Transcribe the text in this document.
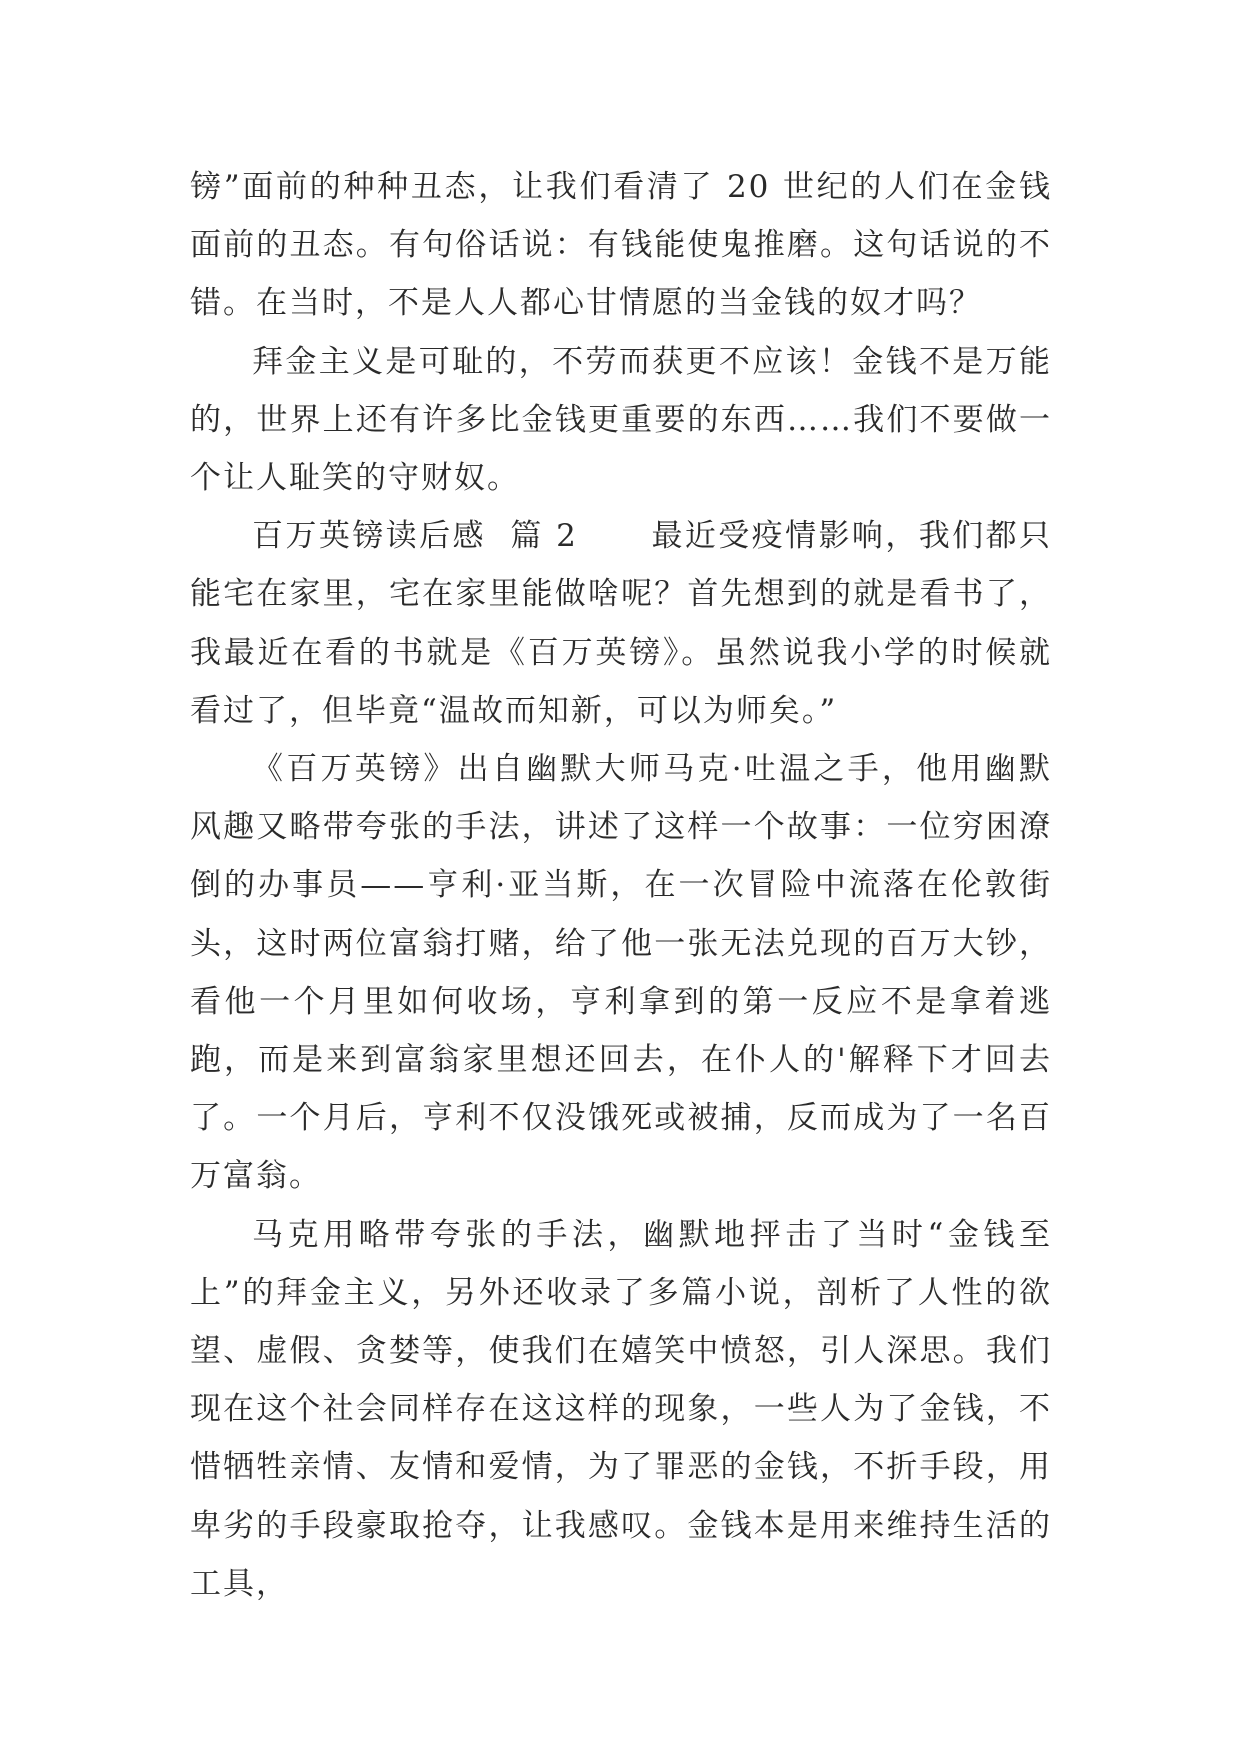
镑”面前的种种丑态，让我们看清了 20 世纪的人们在金钱面前的丑态。有句俗话说：有钱能使鬼推磨。这句话说的不错。在当时，不是人人都心甘情愿的当金钱的奴才吗？

拜金主义是可耻的，不劳而获更不应该！金钱不是万能的，世界上还有许多比金钱更重要的东西……我们不要做一个让人耻笑的守财奴。

百万英镑读后感  篇 2      最近受疫情影响，我们都只能宅在家里，宅在家里能做啥呢？首先想到的就是看书了，我最近在看的书就是《百万英镑》。虽然说我小学的时候就看过了，但毕竟“温故而知新，可以为师矣。”

《百万英镑》出自幽默大师马克·吐温之手，他用幽默风趣又略带夸张的手法，讲述了这样一个故事：一位穷困潦倒的办事员——亨利·亚当斯，在一次冒险中流落在伦敦街头，这时两位富翁打赌，给了他一张无法兑现的百万大钞，看他一个月里如何收场，亨利拿到的第一反应不是拿着逃跑，而是来到富翁家里想还回去，在仆人的'解释下才回去了。一个月后，亨利不仅没饿死或被捕，反而成为了一名百万富翁。

马克用略带夸张的手法，幽默地抨击了当时“金钱至上”的拜金主义，另外还收录了多篇小说，剖析了人性的欲望、虚假、贪婪等，使我们在嬉笑中愤怒，引人深思。我们现在这个社会同样存在这这样的现象，一些人为了金钱，不惜牺牲亲情、友情和爱情，为了罪恶的金钱，不折手段，用卑劣的手段豪取抢夺，让我感叹。金钱本是用来维持生活的工具，
